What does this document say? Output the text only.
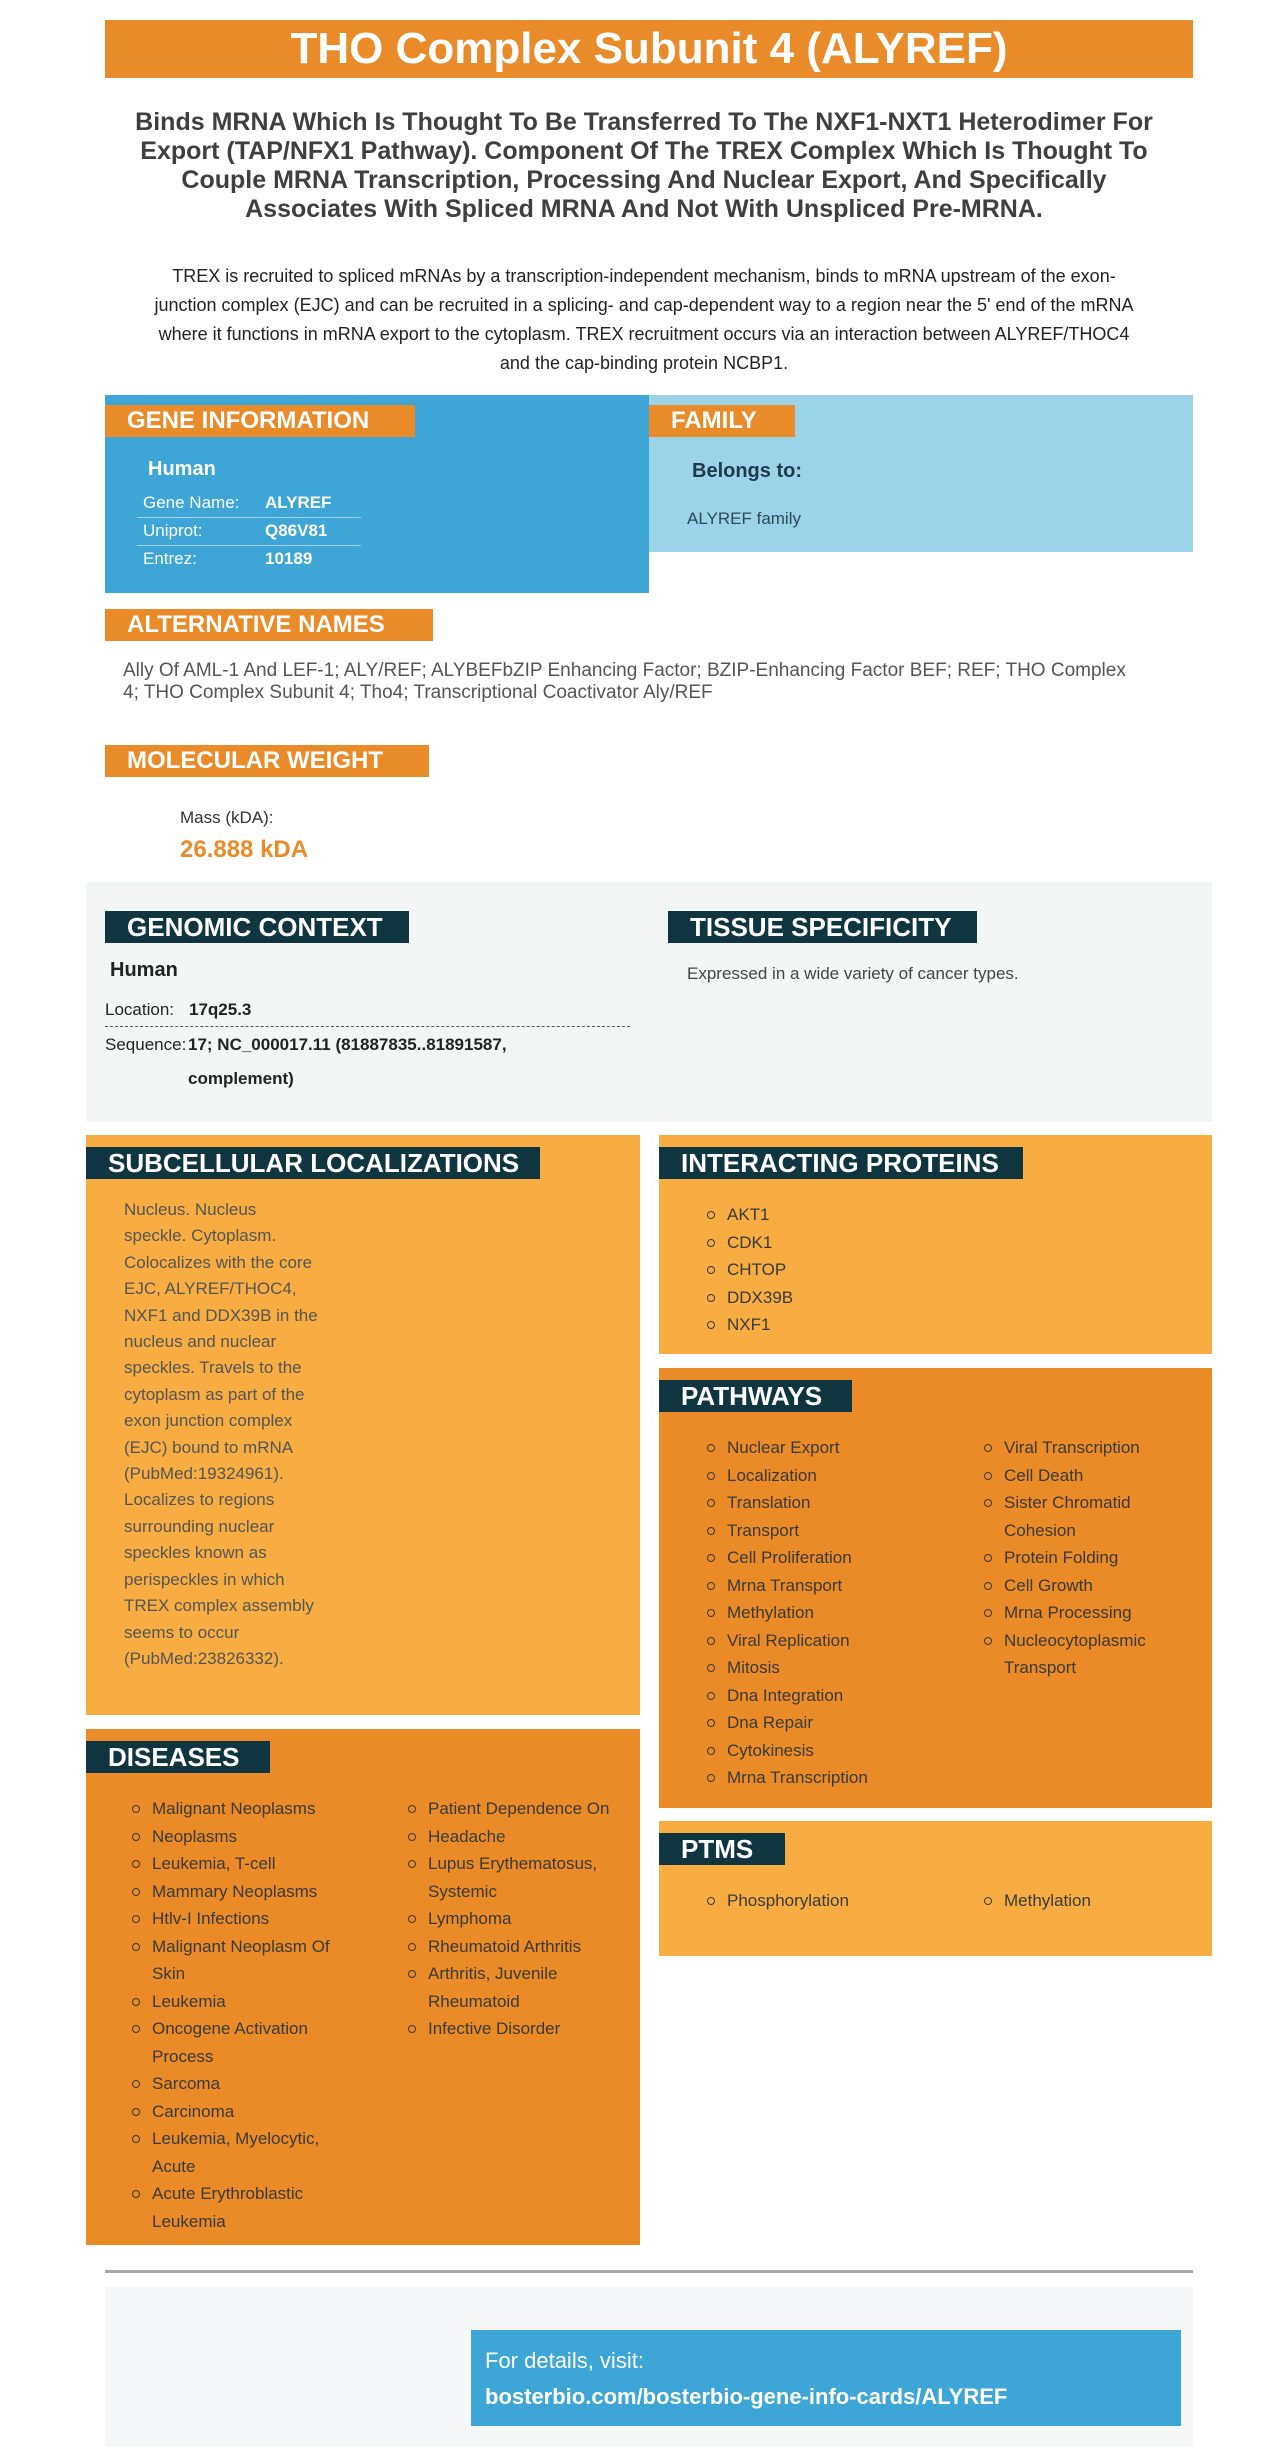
THO Complex Subunit 4 (ALYREF)
Binds MRNA Which Is Thought To Be Transferred To The NXF1-NXT1 Heterodimer For Export (TAP/NFX1 Pathway). Component Of The TREX Complex Which Is Thought To Couple MRNA Transcription, Processing And Nuclear Export, And Specifically Associates With Spliced MRNA And Not With Unspliced Pre-MRNA.
TREX is recruited to spliced mRNAs by a transcription-independent mechanism, binds to mRNA upstream of the exon-junction complex (EJC) and can be recruited in a splicing- and cap-dependent way to a region near the 5' end of the mRNA where it functions in mRNA export to the cytoplasm. TREX recruitment occurs via an interaction between ALYREF/THOC4 and the cap-binding protein NCBP1.
GENE INFORMATION
Human
Gene Name:	ALYREF
Uniprot:	Q86V81
Entrez:	10189
FAMILY
Belongs to:
ALYREF family
ALTERNATIVE NAMES
Ally Of AML-1 And LEF-1; ALY/REF; ALYBEFbZIP Enhancing Factor; BZIP-Enhancing Factor BEF; REF; THO Complex 4; THO Complex Subunit 4; Tho4; Transcriptional Coactivator Aly/REF
MOLECULAR WEIGHT
Mass (kDA):
26.888 kDA
GENOMIC CONTEXT
Human
Location: 17q25.3
Sequence: 17; NC_000017.11 (81887835..81891587,
complement)
TISSUE SPECIFICITY
Expressed in a wide variety of cancer types.
SUBCELLULAR LOCALIZATIONS
Nucleus. Nucleus
speckle. Cytoplasm.
Colocalizes with the core
EJC, ALYREF/THOC4,
NXF1 and DDX39B in the
nucleus and nuclear
speckles. Travels to the
cytoplasm as part of the
exon junction complex
(EJC) bound to mRNA
(PubMed:19324961).
Localizes to regions
surrounding nuclear
speckles known as
perispeckles in which
TREX complex assembly
seems to occur
(PubMed:23826332).
INTERACTING PROTEINS
AKT1
CDK1
CHTOP
DDX39B
NXF1
PATHWAYS
Nuclear Export
Localization
Translation
Transport
Cell Proliferation
Mrna Transport
Methylation
Viral Replication
Mitosis
Dna Integration
Dna Repair
Cytokinesis
Mrna Transcription
Viral Transcription
Cell Death
Sister Chromatid Cohesion
Protein Folding
Cell Growth
Mrna Processing
Nucleocytoplasmic Transport
PTMS
Phosphorylation	Methylation
DISEASES
Malignant Neoplasms
Neoplasms
Leukemia, T-cell
Mammary Neoplasms
Htlv-I Infections
Malignant Neoplasm Of Skin
Leukemia
Oncogene Activation Process
Sarcoma
Carcinoma
Leukemia, Myelocytic, Acute
Acute Erythroblastic Leukemia
Patient Dependence On
Headache
Lupus Erythematosus, Systemic
Lymphoma
Rheumatoid Arthritis
Arthritis, Juvenile Rheumatoid
Infective Disorder
For details, visit:
bosterbio.com/bosterbio-gene-info-cards/ALYREF
